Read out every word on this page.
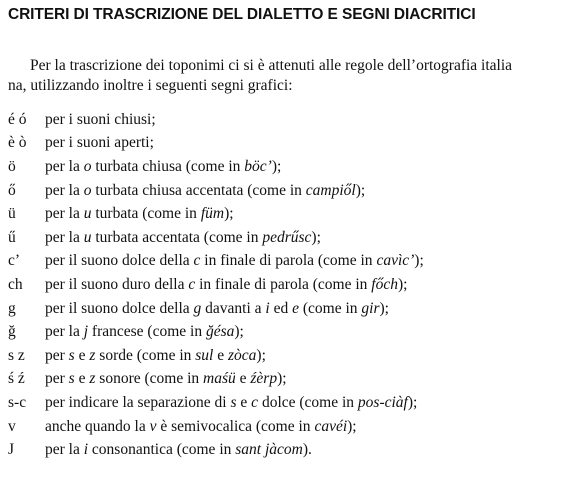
CRITERI DI TRASCRIZIONE DEL DIALETTO E SEGNI DIACRITICI

Per la trascrizione dei toponimi ci si è attenuti alle regole dell’ortografia italia

na, utilizzando inoltre i seguenti segni grafici:

é ó	per i suoni chiusi;
è ò	per i suoni aperti;
ö	per la o turbata chiusa (come in böc’);
ő	per la o turbata chiusa accentata (come in campiől);
ü	per la u turbata (come in füm);
ű	per la u turbata accentata (come in pedrűsc);
c’	per il suono dolce della c in finale di parola (come in cavìc’);
ch	per il suono duro della c in finale di parola (come in főch);
g	per il suono dolce della g davanti a i ed e (come in gir);
ğ	per la j francese (come in ğésa);
s z	per s e z sorde (come in sul e zòca);
ś ź	per s e z sonore (come in maśü e źèrp);
s-c	per indicare la separazione di s e c dolce (come in pos-ciàf);
v	anche quando la v è semivocalica (come in cavéi);
J	per la i consonantica (come in sant jàcom).
